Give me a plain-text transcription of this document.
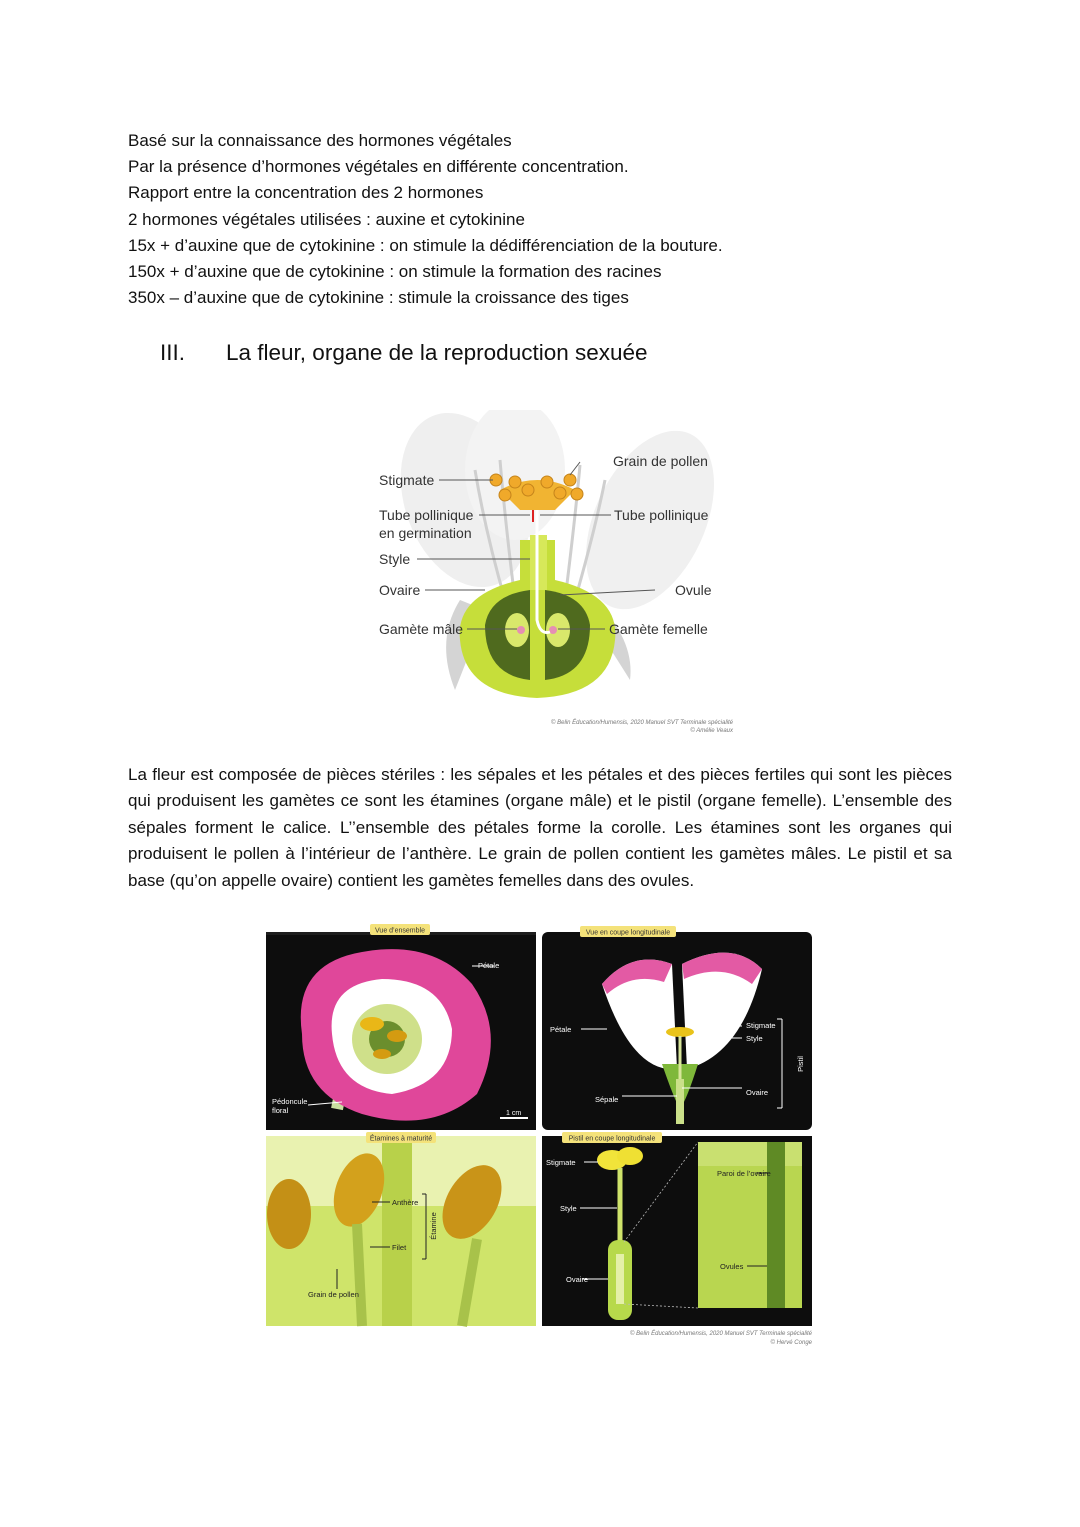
Basé sur la connaissance des hormones végétales
Par la présence d’hormones végétales en différente concentration.
Rapport entre la concentration des 2 hormones
2 hormones végétales utilisées : auxine et cytokinine
15x + d’auxine que de cytokinine : on stimule la dédifférenciation de la bouture.
150x + d’auxine que de cytokinine : on stimule la formation des racines
350x – d’auxine que de cytokinine : stimule la croissance des tiges
III. La fleur, organe de la reproduction sexuée
Stigmate
Tube pollinique
en germination
Style
Ovaire
Gamète mâle
Grain de pollen
Tube pollinique
Ovule
Gamète femelle
© Belin Éducation/Humensis, 2020 Manuel SVT Terminale spécialité
© Amélie Veaux
La fleur est composée de pièces stériles : les sépales et les pétales et des pièces fertiles qui sont les pièces qui produisent les gamètes ce sont les étamines (organe mâle) et le pistil (organe femelle). L’ensemble des sépales forment le calice. L’’ensemble des pétales forme la corolle. Les étamines sont les organes qui produisent le pollen à l’intérieur de l’anthère. Le grain de pollen contient les gamètes mâles. Le pistil et sa base (qu’on appelle ovaire) contient les gamètes femelles dans des ovules.
Vue d’ensemble
Pétale
Pédoncule
floral	1 cm
Vue en coupe longitudinale
Pétale	Stigmate
Style
Pistil
Sépale
Ovaire
Étamines à maturité
Anthère
Filet
Étamine
Grain de pollen
Pistil en coupe longitudinale
Stigmate
Style
Ovaire
Paroi de l’ovaire
Ovules
© Belin Éducation/Humensis, 2020 Manuel SVT Terminale spécialité
© Hervé Conge
